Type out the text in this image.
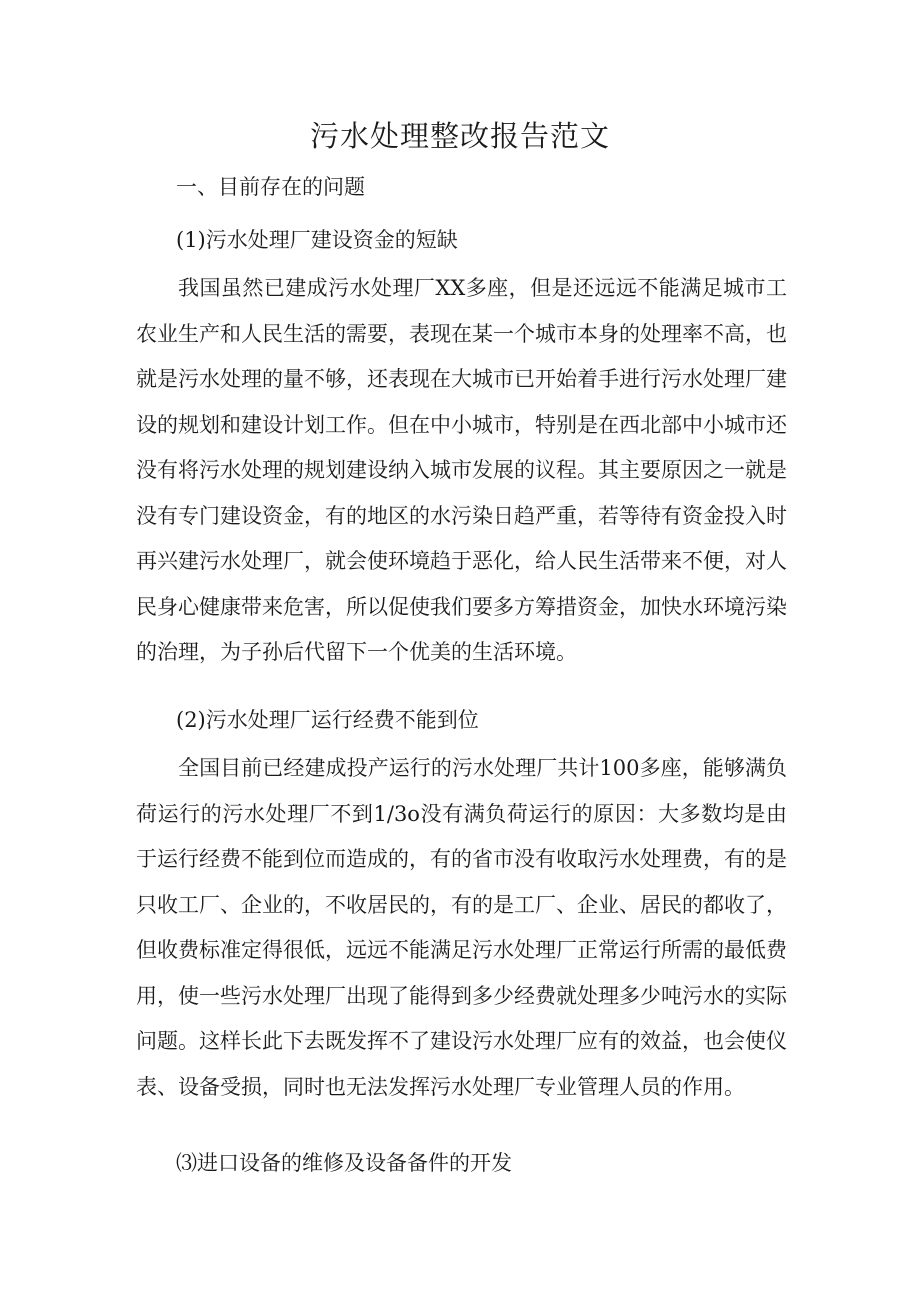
污水处理整改报告范文

一、目前存在的问题

(1)污水处理厂建设资金的短缺

我国虽然已建成污水处理厂XX多座，但是还远远不能满足城市工农业生产和人民生活的需要，表现在某一个城市本身的处理率不高，也就是污水处理的量不够，还表现在大城市已开始着手进行污水处理厂建设的规划和建设计划工作。但在中小城市，特别是在西北部中小城市还没有将污水处理的规划建设纳入城市发展的议程。其主要原因之一就是没有专门建设资金，有的地区的水污染日趋严重，若等待有资金投入时再兴建污水处理厂，就会使环境趋于恶化，给人民生活带来不便，对人民身心健康带来危害，所以促使我们要多方筹措资金，加快水环境污染的治理，为子孙后代留下一个优美的生活环境。

(2)污水处理厂运行经费不能到位

全国目前已经建成投产运行的污水处理厂共计100多座，能够满负荷运行的污水处理厂不到1/3o没有满负荷运行的原因：大多数均是由于运行经费不能到位而造成的，有的省市没有收取污水处理费，有的是只收工厂、企业的，不收居民的，有的是工厂、企业、居民的都收了，但收费标准定得很低，远远不能满足污水处理厂正常运行所需的最低费用，使一些污水处理厂出现了能得到多少经费就处理多少吨污水的实际问题。这样长此下去既发挥不了建设污水处理厂应有的效益，也会使仪表、设备受损，同时也无法发挥污水处理厂专业管理人员的作用。

⑶进口设备的维修及设备备件的开发
